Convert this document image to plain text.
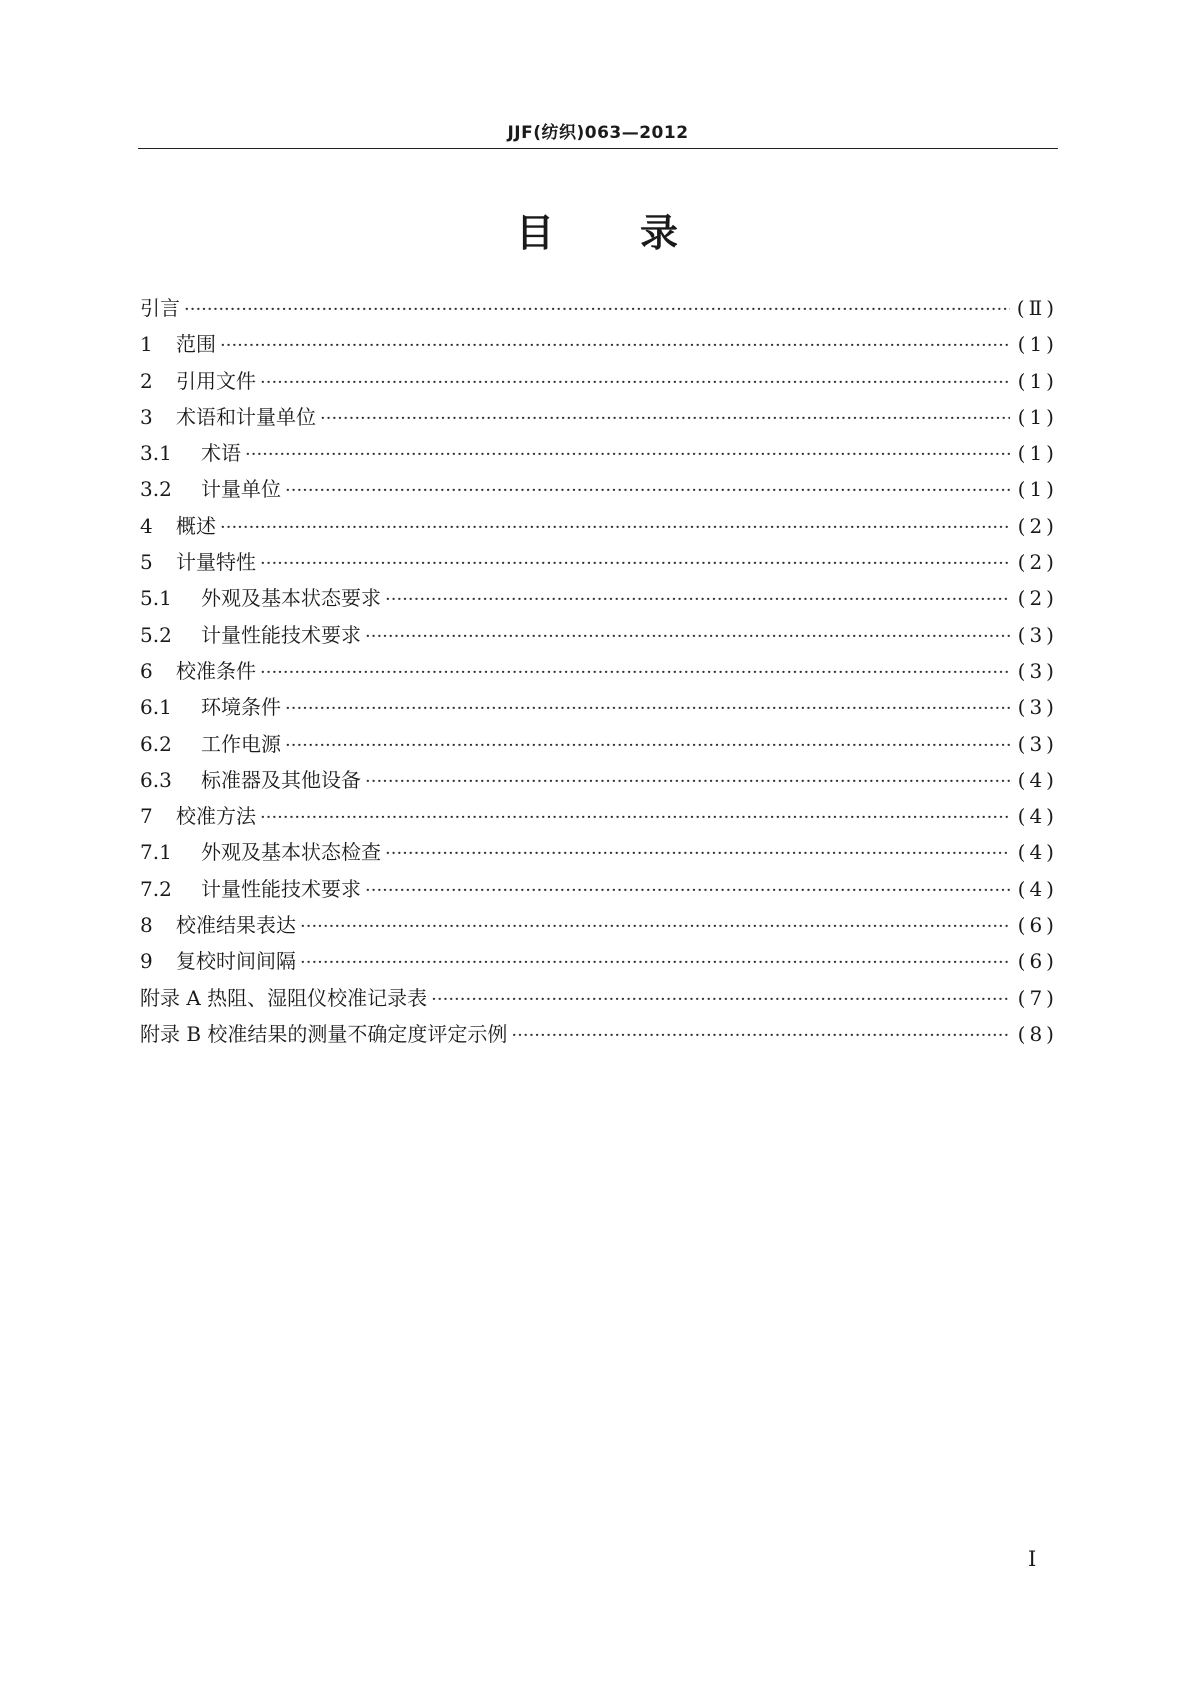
JJF(纺织)063—2012
目 录
引言 ·····	(Ⅱ)
1	范围 ·····	(1)
2	引用文件 ·····	(1)
3	术语和计量单位 ·····	(1)
3.1	术语 ·····	(1)
3.2	计量单位 ·····	(1)
4	概述 ·····	(2)
5	计量特性 ·····	(2)
5.1	外观及基本状态要求 ·····	(2)
5.2	计量性能技术要求 ·····	(3)
6	校准条件 ·····	(3)
6.1	环境条件 ·····	(3)
6.2	工作电源 ·····	(3)
6.3	标准器及其他设备 ·····	(4)
7	校准方法 ·····	(4)
7.1	外观及基本状态检查 ·····	(4)
7.2	计量性能技术要求 ·····	(4)
8	校准结果表达 ·····	(6)
9	复校时间间隔 ·····	(6)
附录 A 热阻、湿阻仪校准记录表 ·····	(7)
附录 B 校准结果的测量不确定度评定示例 ·····	(8)
I
